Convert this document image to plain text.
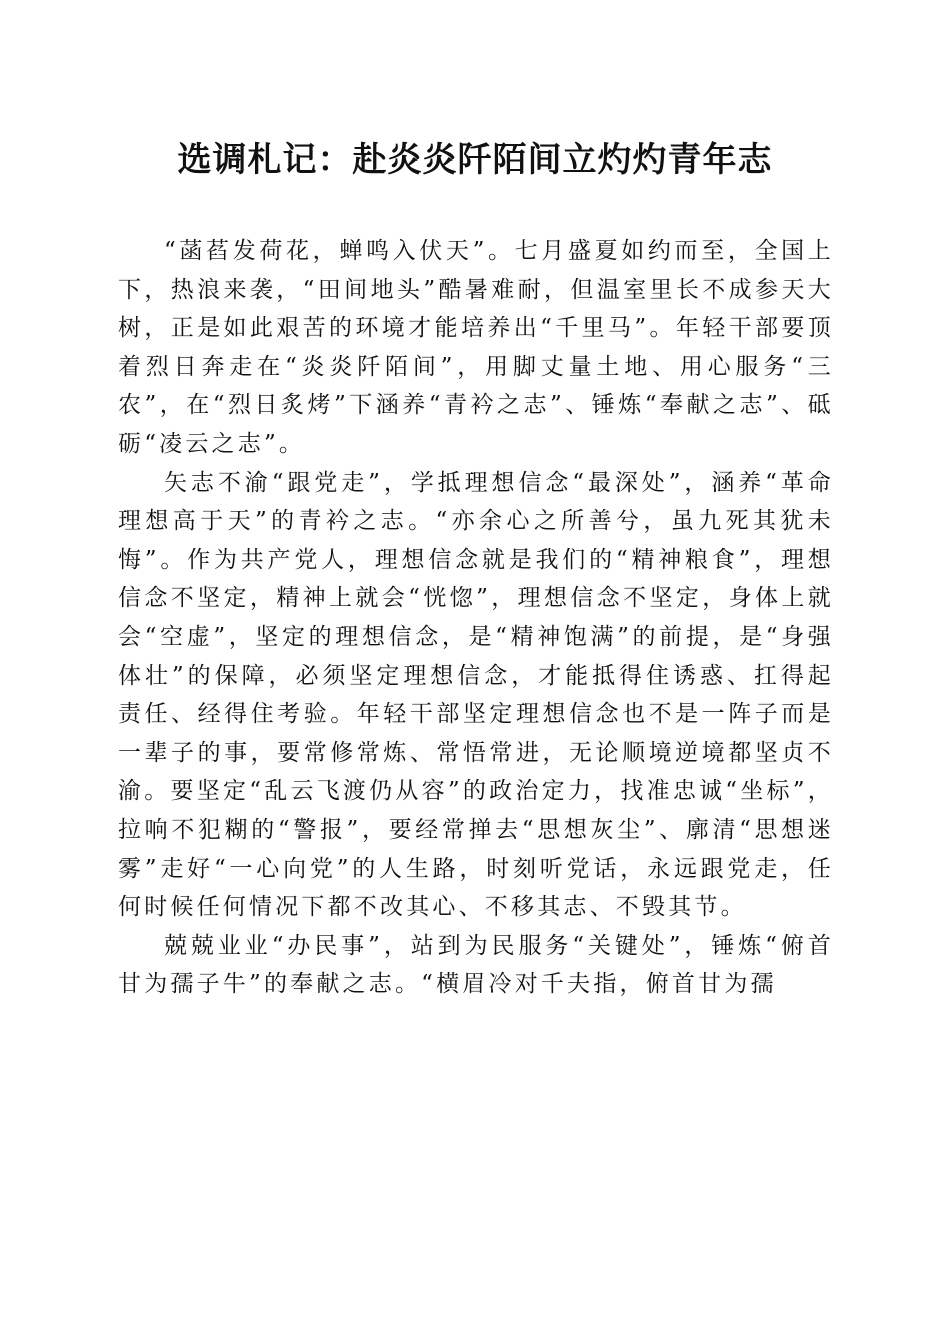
选调札记：赴炎炎阡陌间立灼灼青年志

“菡萏发荷花，蝉鸣入伏天”。七月盛夏如约而至，全国上下，热浪来袭，“田间地头”酷暑难耐，但温室里长不成参天大树，正是如此艰苦的环境才能培养出“千里马”。年轻干部要顶着烈日奔走在“炎炎阡陌间”，用脚丈量土地、用心服务“三农”，在“烈日炙烤”下涵养“青衿之志”、锤炼“奉献之志”、砥砺“凌云之志”。

矢志不渝“跟党走”，学抵理想信念“最深处”，涵养“革命理想高于天”的青衿之志。“亦余心之所善兮，虽九死其犹未悔”。作为共产党人，理想信念就是我们的“精神粮食”，理想信念不坚定，精神上就会“恍惚”，理想信念不坚定，身体上就会“空虚”，坚定的理想信念，是“精神饱满”的前提，是“身强体壮”的保障，必须坚定理想信念，才能抵得住诱惑、扛得起责任、经得住考验。年轻干部坚定理想信念也不是一阵子而是一辈子的事，要常修常炼、常悟常进，无论顺境逆境都坚贞不渝。要坚定“乱云飞渡仍从容”的政治定力，找准忠诚“坐标”，拉响不犯糊的“警报”，要经常掸去“思想灰尘”、廓清“思想迷雾”走好“一心向党”的人生路，时刻听党话，永远跟党走，任何时候任何情况下都不改其心、不移其志、不毁其节。

兢兢业业“办民事”，站到为民服务“关键处”，锤炼“俯首甘为孺子牛”的奉献之志。“横眉冷对千夫指，俯首甘为孺
